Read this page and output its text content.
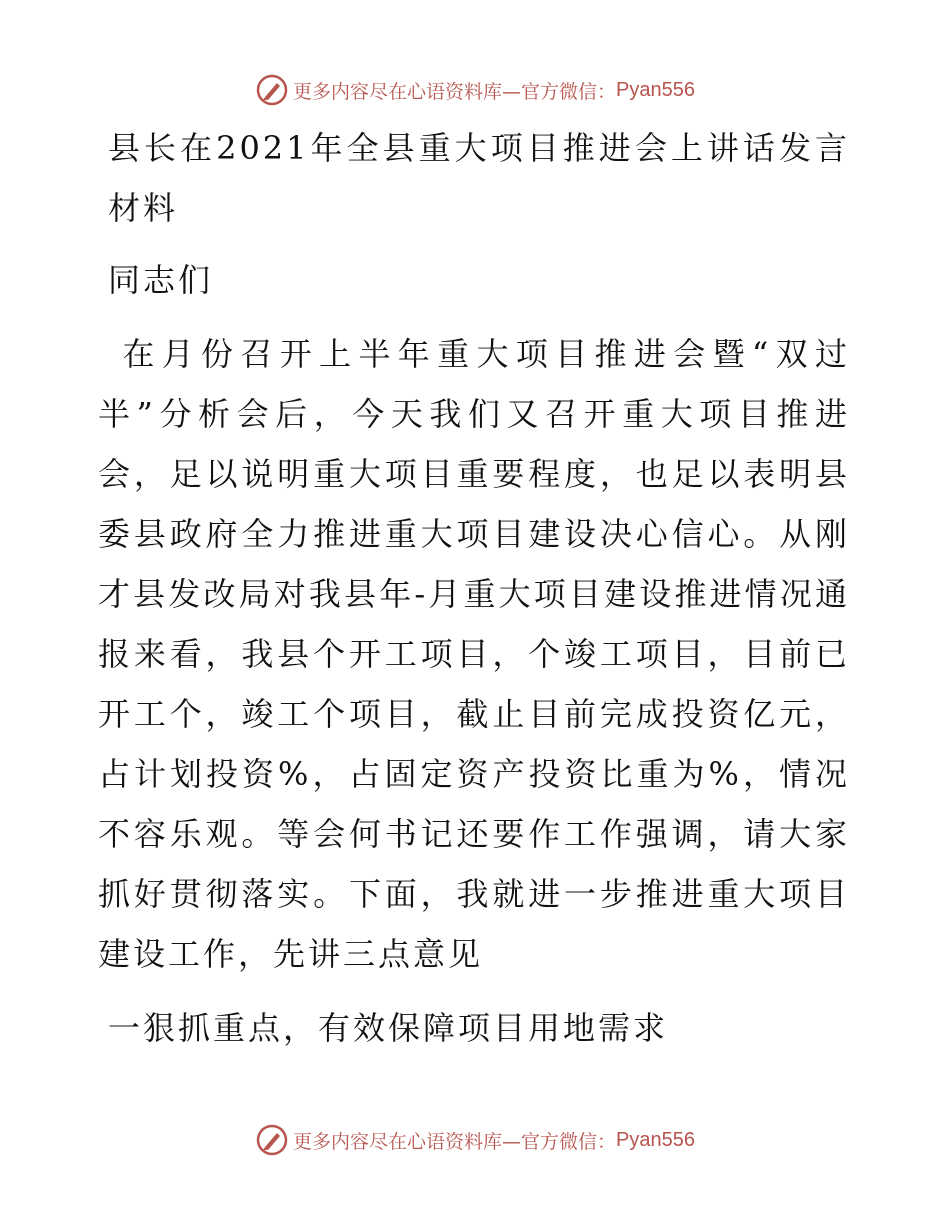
更多内容尽在心语资料库—官方微信： Pyan556

县长在2021年全县重大项目推进会上讲话发言材料

同志们

在月份召开上半年重大项目推进会暨“双过半”分析会后，今天我们又召开重大项目推进会，足以说明重大项目重要程度，也足以表明县委县政府全力推进重大项目建设决心信心。从刚才县发改局对我县年-月重大项目建设推进情况通报来看，我县个开工项目，个竣工项目，目前已开工个，竣工个项目，截止目前完成投资亿元，占计划投资%，占固定资产投资比重为%，情况不容乐观。等会何书记还要作工作强调，请大家抓好贯彻落实。下面，我就进一步推进重大项目建设工作，先讲三点意见

一狠抓重点，有效保障项目用地需求

更多内容尽在心语资料库—官方微信： Pyan556
